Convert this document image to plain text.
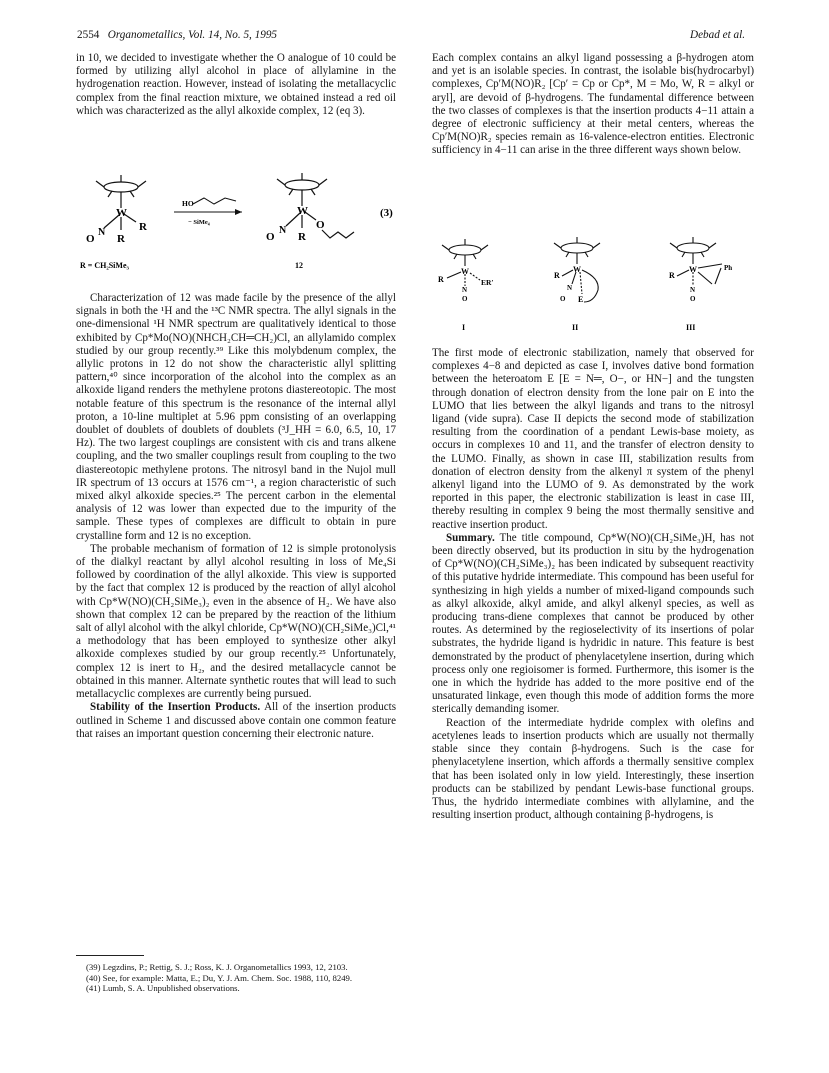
2554 Organometallics, Vol. 14, No. 5, 1995	Debad et al.

in 10, we decided to investigate whether the O analogue of 10 could be formed by utilizing allyl alcohol in place of allylamine in the hydrogenation reaction. However, instead of isolating the metallacyclic complex from the final reaction mixture, we obtained instead a red oil which was characterized as the allyl alkoxide complex, 12 (eq 3).

W
N
O
R
R
HO
− SiMe₄
W
N
O
O
R
(3)
R = CH₂SiMe₃	12

Characterization of 12 was made facile by the presence of the allyl signals in both the ¹H and the ¹³C NMR spectra. The allyl signals in the one-dimensional ¹H NMR spectrum are qualitatively identical to those exhibited by Cp*Mo(NO)(NHCH₂CH═CH₂)Cl, an allylamido complex studied by our group recently.³⁹ Like this molybdenum complex, the allylic protons in 12 do not show the characteristic allyl splitting pattern,⁴⁰ since incorporation of the alcohol into the complex as an alkoxide ligand renders the methylene protons diastereotopic. The most notable feature of this spectrum is the resonance of the internal allyl proton, a 10-line multiplet at 5.96 ppm consisting of an overlapping doublet of doublets of doublets of doublets (³J_HH = 6.0, 6.5, 10, 17 Hz). The two largest couplings are consistent with cis and trans alkene coupling, and the two smaller couplings result from coupling to the two diastereotopic methylene protons. The nitrosyl band in the Nujol mull IR spectrum of 13 occurs at 1576 cm⁻¹, a region characteristic of such mixed alkyl alkoxide species.²⁵ The percent carbon in the elemental analysis of 12 was lower than expected due to the impurity of the sample. These types of complexes are difficult to obtain in pure crystalline form and 12 is no exception.

The probable mechanism of formation of 12 is simple protonolysis of the dialkyl reactant by allyl alcohol resulting in loss of Me₄Si followed by coordination of the allyl alkoxide. This view is supported by the fact that complex 12 is produced by the reaction of allyl alcohol with Cp*W(NO)(CH₂SiMe₃)₂ even in the absence of H₂. We have also shown that complex 12 can be prepared by the reaction of the lithium salt of allyl alcohol with the alkyl chloride, Cp*W(NO)(CH₂SiMe₃)Cl,⁴¹ a methodology that has been employed to synthesize other alkyl alkoxide complexes studied by our group recently.²⁵ Unfortunately, complex 12 is inert to H₂, and the desired metallacycle cannot be obtained in this manner. Alternate synthetic routes that will lead to such metallacyclic complexes are currently being pursued.

Stability of the Insertion Products. All of the insertion products outlined in Scheme 1 and discussed above contain one common feature that raises an important question concerning their electronic nature.

(39) Legzdins, P.; Rettig, S. J.; Ross, K. J. Organometallics 1993, 12, 2103.

(40) See, for example: Matta, E.; Du, Y. J. Am. Chem. Soc. 1988, 110, 8249.

(41) Lumb, S. A. Unpublished observations.

Each complex contains an alkyl ligand possessing a β-hydrogen atom and yet is an isolable species. In contrast, the isolable bis(hydrocarbyl) complexes, Cp′M(NO)R₂ [Cp′ = Cp or Cp*, M = Mo, W, R = alkyl or aryl], are devoid of β-hydrogens. The fundamental difference between the two classes of complexes is that the insertion products 4−11 attain a degree of electronic sufficiency at their metal centers, whereas the Cp′M(NO)R₂ species remain as 16-valence-electron entities. Electronic sufficiency in 4−11 can arise in the three different ways shown below.

W
R	ER′
N
O
I
W
R
N
O E
II
W
R
Ph
N
O
III

The first mode of electronic stabilization, namely that observed for complexes 4−8 and depicted as case I, involves dative bond formation between the heteroatom E [E = N═, O−, or HN−] and the tungsten through donation of electron density from the lone pair on E into the LUMO that lies between the alkyl ligands and trans to the nitrosyl ligand (vide supra). Case II depicts the second mode of stabilization resulting from the coordination of a pendant Lewis-base moiety, as occurs in complexes 10 and 11, and the transfer of electron density to the LUMO. Finally, as shown in case III, stabilization results from donation of electron density from the alkenyl π system of the phenyl alkenyl ligand into the LUMO of 9. As demonstrated by the work reported in this paper, the electronic stabilization is least in case III, thereby resulting in complex 9 being the most thermally sensitive and reactive insertion product.

Summary. The title compound, Cp*W(NO)(CH₂SiMe₃)H, has not been directly observed, but its production in situ by the hydrogenation of Cp*W(NO)(CH₂SiMe₃)₂ has been indicated by subsequent reactivity of this putative hydride intermediate. This compound has been useful for synthesizing in high yields a number of mixed-ligand compounds such as alkyl alkoxide, alkyl amide, and alkyl alkenyl species, as well as producing trans-diene complexes that cannot be produced by other routes. As determined by the regioselectivity of its insertions of polar substrates, the hydride ligand is hydridic in nature. This feature is best demonstrated by the product of phenylacetylene insertion, during which process only one regioisomer is formed. Furthermore, this isomer is the one in which the hydride has added to the more positive end of the unsaturated linkage, even though this mode of addition forms the more sterically demanding isomer.

Reaction of the intermediate hydride complex with olefins and acetylenes leads to insertion products which are usually not thermally stable since they contain β-hydrogens. Such is the case for phenylacetylene insertion, which affords a thermally sensitive complex that has been isolated only in low yield. Interestingly, these insertion products can be stabilized by pendant Lewis-base functional groups. Thus, the hydrido intermediate combines with allylamine, and the resulting insertion product, although containing β-hydrogens, is
